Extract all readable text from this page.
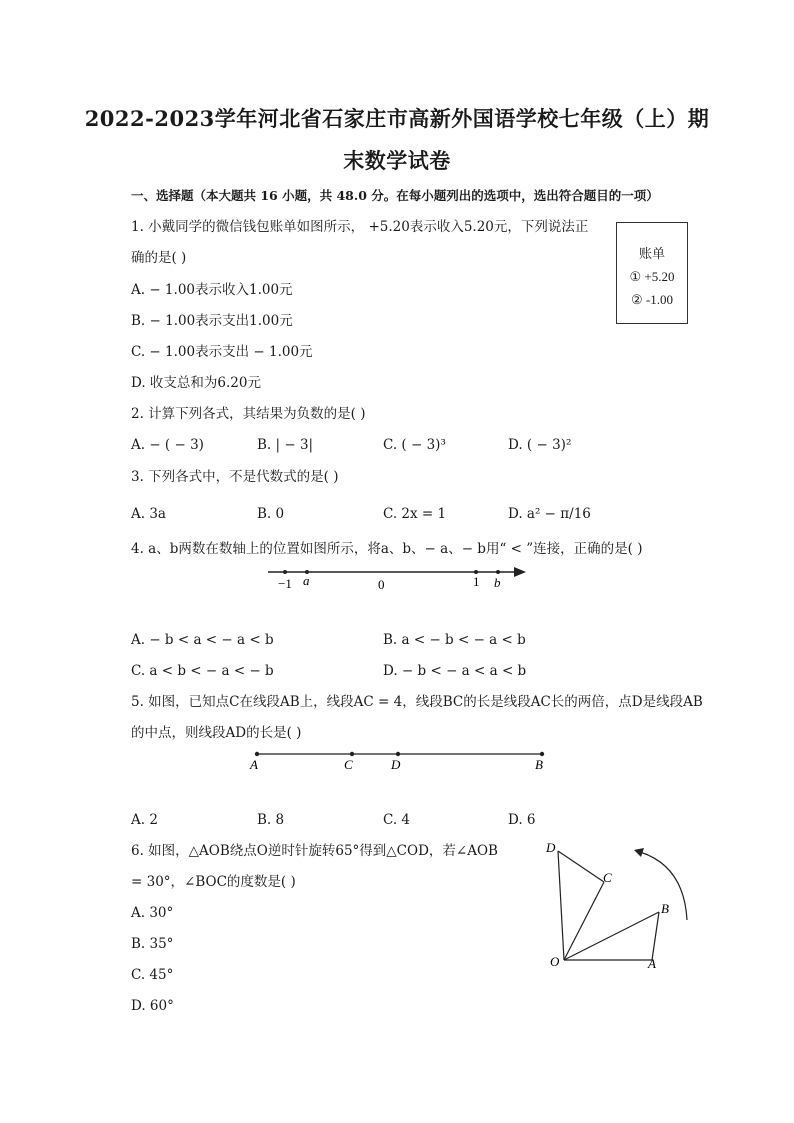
2022-2023学年河北省石家庄市高新外国语学校七年级（上）期
末数学试卷
一、选择题（本大题共 16 小题，共 48.0 分。在每小题列出的选项中，选出符合题目的一项）
1. 小戴同学的微信钱包账单如图所示， +5.20表示收入5.20元，下列说法正
确的是( )
A. − 1.00表示收入1.00元
B. − 1.00表示支出1.00元
C. − 1.00表示支出 − 1.00元
D. 收支总和为6.20元
账单
① +5.20
② -1.00
2. 计算下列各式，其结果为负数的是( )
A. − ( − 3)	B. | − 3|	C. ( − 3)³	D. ( − 3)²
3. 下列各式中，不是代数式的是( )
A. 3a	B. 0	C. 2x = 1	D. a² − π/16
4. a、b两数在数轴上的位置如图所示，将a、b、− a、− b用“ < ”连接，正确的是( )
−1 a	0	1 b
A. − b < a < − a < b	B. a < − b < − a < b
C. a < b < − a < − b	D. − b < − a < a < b
5. 如图，已知点C在线段AB上，线段AC = 4，线段BC的长是线段AC长的两倍，点D是线段AB
的中点，则线段AD的长是( )
A	C	D	B
A. 2	B. 8	C. 4	D. 6
6. 如图，△AOB绕点O逆时针旋转65°得到△COD，若∠AOB
= 30°，∠BOC的度数是( )
A. 30°
B. 35°
C. 45°
D. 60°
D
C
B
O	A
